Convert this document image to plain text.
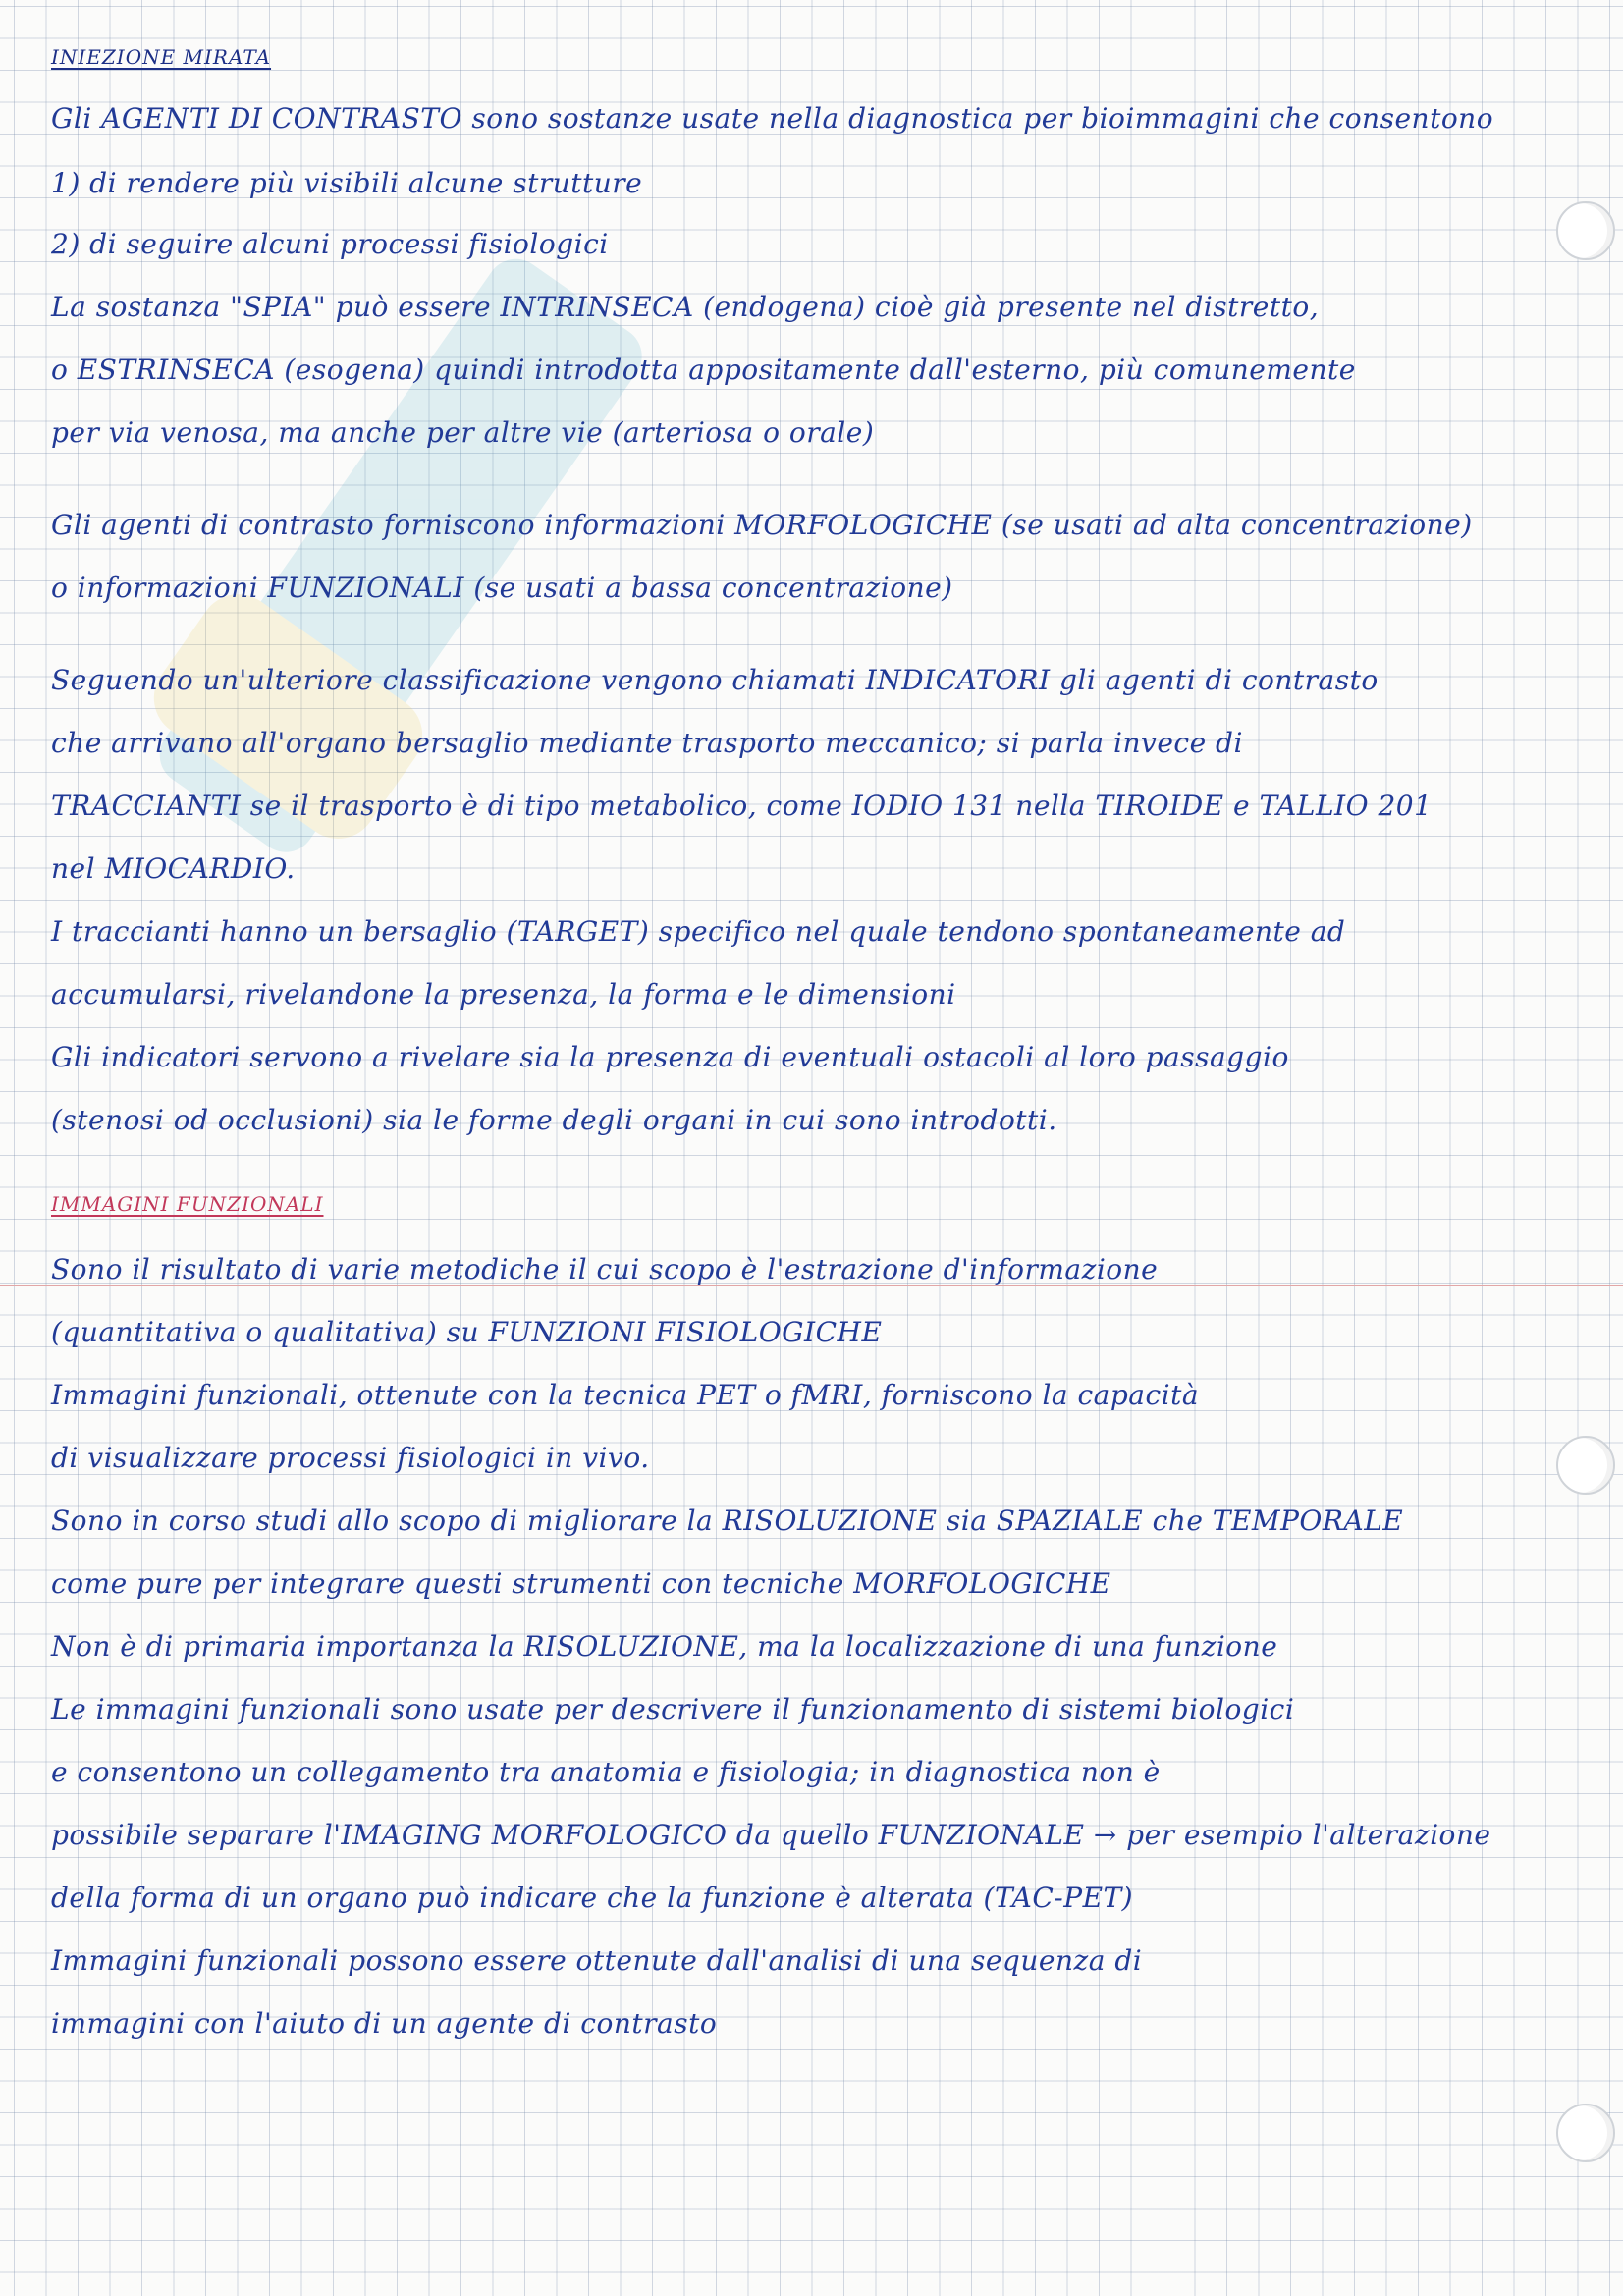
INIEZIONE MIRATA
Gli AGENTI DI CONTRASTO sono sostanze usate nella diagnostica per bioimmagini che consentono
1) di rendere più visibili alcune strutture
2) di seguire alcuni processi fisiologici
La sostanza "SPIA" può essere INTRINSECA (endogena) cioè già presente nel distretto,
o ESTRINSECA (esogena) quindi introdotta appositamente dall'esterno, più comunemente
per via venosa, ma anche per altre vie (arteriosa o orale)
Gli agenti di contrasto forniscono informazioni MORFOLOGICHE (se usati ad alta concentrazione)
o informazioni FUNZIONALI (se usati a bassa concentrazione)
Seguendo un'ulteriore classificazione vengono chiamati INDICATORI gli agenti di contrasto
che arrivano all'organo bersaglio mediante trasporto meccanico; si parla invece di
TRACCIANTI se il trasporto è di tipo metabolico, come IODIO 131 nella TIROIDE e TALLIO 201
nel MIOCARDIO.
I traccianti hanno un bersaglio (TARGET) specifico nel quale tendono spontaneamente ad
accumularsi, rivelandone la presenza, la forma e le dimensioni
Gli indicatori servono a rivelare sia la presenza di eventuali ostacoli al loro passaggio
(stenosi od occlusioni) sia le forme degli organi in cui sono introdotti.
IMMAGINI FUNZIONALI
Sono il risultato di varie metodiche il cui scopo è l'estrazione d'informazione
(quantitativa o qualitativa) su FUNZIONI FISIOLOGICHE
Immagini funzionali, ottenute con la tecnica PET o fMRI, forniscono la capacità
di visualizzare processi fisiologici in vivo.
Sono in corso studi allo scopo di migliorare la RISOLUZIONE sia SPAZIALE che TEMPORALE
come pure per integrare questi strumenti con tecniche MORFOLOGICHE
Non è di primaria importanza la RISOLUZIONE, ma la localizzazione di una funzione
Le immagini funzionali sono usate per descrivere il funzionamento di sistemi biologici
e consentono un collegamento tra anatomia e fisiologia; in diagnostica non è
possibile separare l'IMAGING MORFOLOGICO da quello FUNZIONALE → per esempio l'alterazione
della forma di un organo può indicare che la funzione è alterata (TAC-PET)
Immagini funzionali possono essere ottenute dall'analisi di una sequenza di
immagini con l'aiuto di un agente di contrasto
